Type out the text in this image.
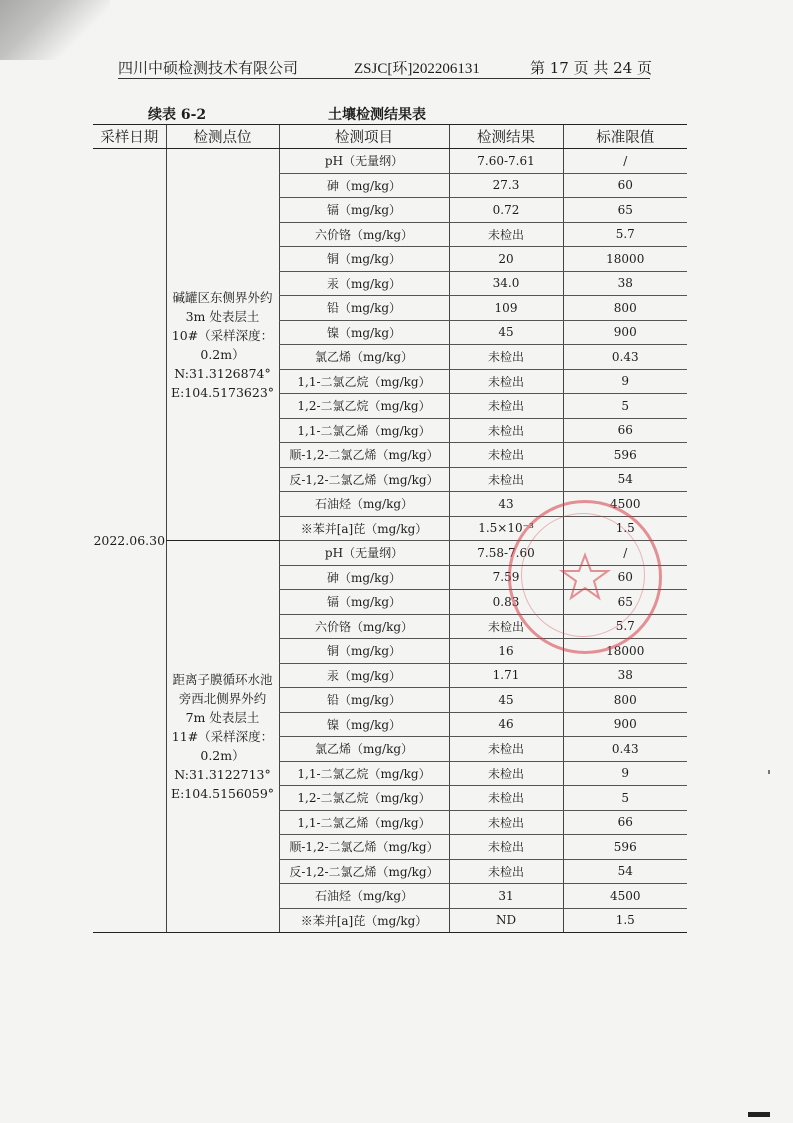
四川中硕检测技术有限公司	ZSJC[环]202206131	第 17 页 共 24 页
续表 6-2	土壤检测结果表
采样日期	检测点位	检测项目	检测结果	标准限值
2022.06.30	碱罐区东侧界外约 3m 处表层土 10#（采样深度：0.2m）N:31.3126874° E:104.5173623°	pH（无量纲）	7.60-7.61	/
		砷（mg/kg）	27.3	60
		镉（mg/kg）	0.72	65
		六价铬（mg/kg）	未检出	5.7
		铜（mg/kg）	20	18000
		汞（mg/kg）	34.0	38
		铅（mg/kg）	109	800
		镍（mg/kg）	45	900
		氯乙烯（mg/kg）	未检出	0.43
		1,1-二氯乙烷（mg/kg）	未检出	9
		1,2-二氯乙烷（mg/kg）	未检出	5
		1,1-二氯乙烯（mg/kg）	未检出	66
		顺-1,2-二氯乙烯（mg/kg）	未检出	596
		反-1,2-二氯乙烯（mg/kg）	未检出	54
		石油烃（mg/kg）	43	4500
		※苯并[a]芘（mg/kg）	1.5×10⁻³	1.5
	距离子膜循环水池旁西北侧界外约 7m 处表层土 11#（采样深度：0.2m）N:31.3122713° E:104.5156059°	pH（无量纲）	7.58-7.60	/
		砷（mg/kg）	7.59	60
		镉（mg/kg）	0.83	65
		六价铬（mg/kg）	未检出	5.7
		铜（mg/kg）	16	18000
		汞（mg/kg）	1.71	38
		铅（mg/kg）	45	800
		镍（mg/kg）	46	900
		氯乙烯（mg/kg）	未检出	0.43
		1,1-二氯乙烷（mg/kg）	未检出	9
		1,2-二氯乙烷（mg/kg）	未检出	5
		1,1-二氯乙烯（mg/kg）	未检出	66
		顺-1,2-二氯乙烯（mg/kg）	未检出	596
		反-1,2-二氯乙烯（mg/kg）	未检出	54
		石油烃（mg/kg）	31	4500
		※苯并[a]芘（mg/kg）	ND	1.5
